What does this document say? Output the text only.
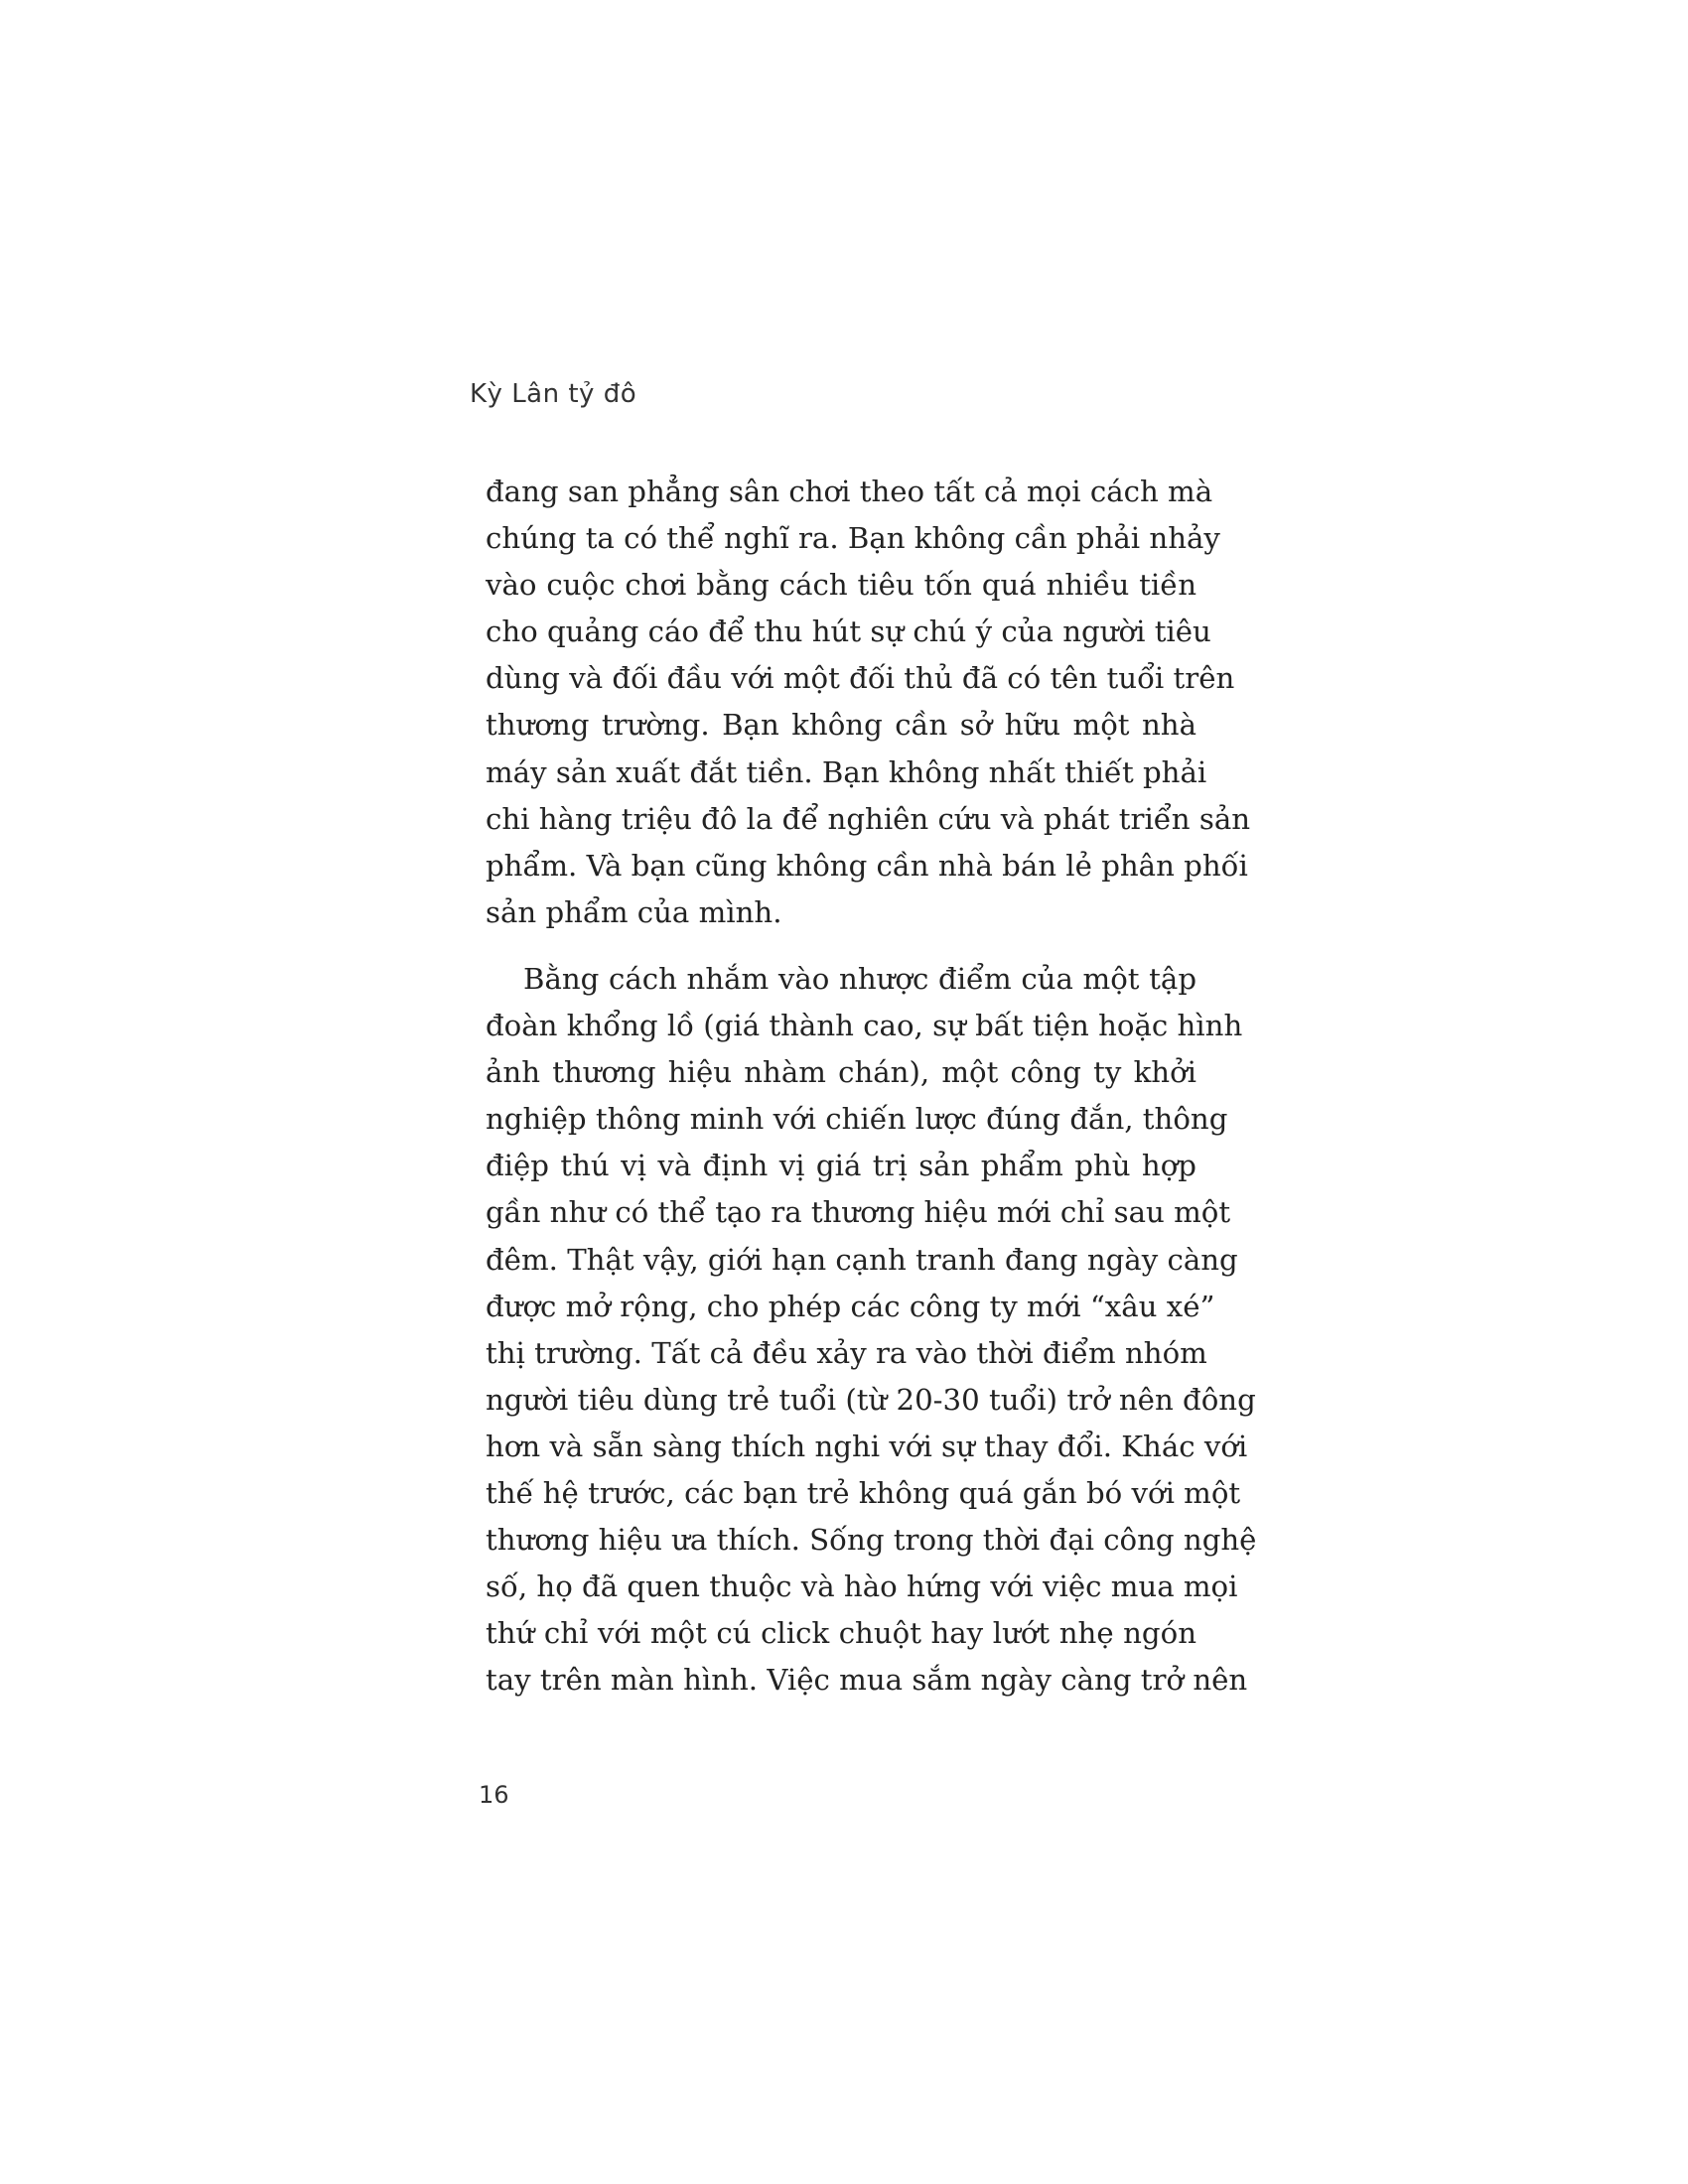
Kỳ Lân tỷ đô

đang san phẳng sân chơi theo tất cả mọi cách mà
chúng ta có thể nghĩ ra. Bạn không cần phải nhảy
vào cuộc chơi bằng cách tiêu tốn quá nhiều tiền
cho quảng cáo để thu hút sự chú ý của người tiêu
dùng và đối đầu với một đối thủ đã có tên tuổi trên
thương trường. Bạn không cần sở hữu một nhà
máy sản xuất đắt tiền. Bạn không nhất thiết phải
chi hàng triệu đô la để nghiên cứu và phát triển sản
phẩm. Và bạn cũng không cần nhà bán lẻ phân phối
sản phẩm của mình.

Bằng cách nhắm vào nhược điểm của một tập
đoàn khổng lồ (giá thành cao, sự bất tiện hoặc hình
ảnh thương hiệu nhàm chán), một công ty khởi
nghiệp thông minh với chiến lược đúng đắn, thông
điệp thú vị và định vị giá trị sản phẩm phù hợp
gần như có thể tạo ra thương hiệu mới chỉ sau một
đêm. Thật vậy, giới hạn cạnh tranh đang ngày càng
được mở rộng, cho phép các công ty mới “xâu xé”
thị trường. Tất cả đều xảy ra vào thời điểm nhóm
người tiêu dùng trẻ tuổi (từ 20-30 tuổi) trở nên đông
hơn và sẵn sàng thích nghi với sự thay đổi. Khác với
thế hệ trước, các bạn trẻ không quá gắn bó với một
thương hiệu ưa thích. Sống trong thời đại công nghệ
số, họ đã quen thuộc và hào hứng với việc mua mọi
thứ chỉ với một cú click chuột hay lướt nhẹ ngón
tay trên màn hình. Việc mua sắm ngày càng trở nên

16
